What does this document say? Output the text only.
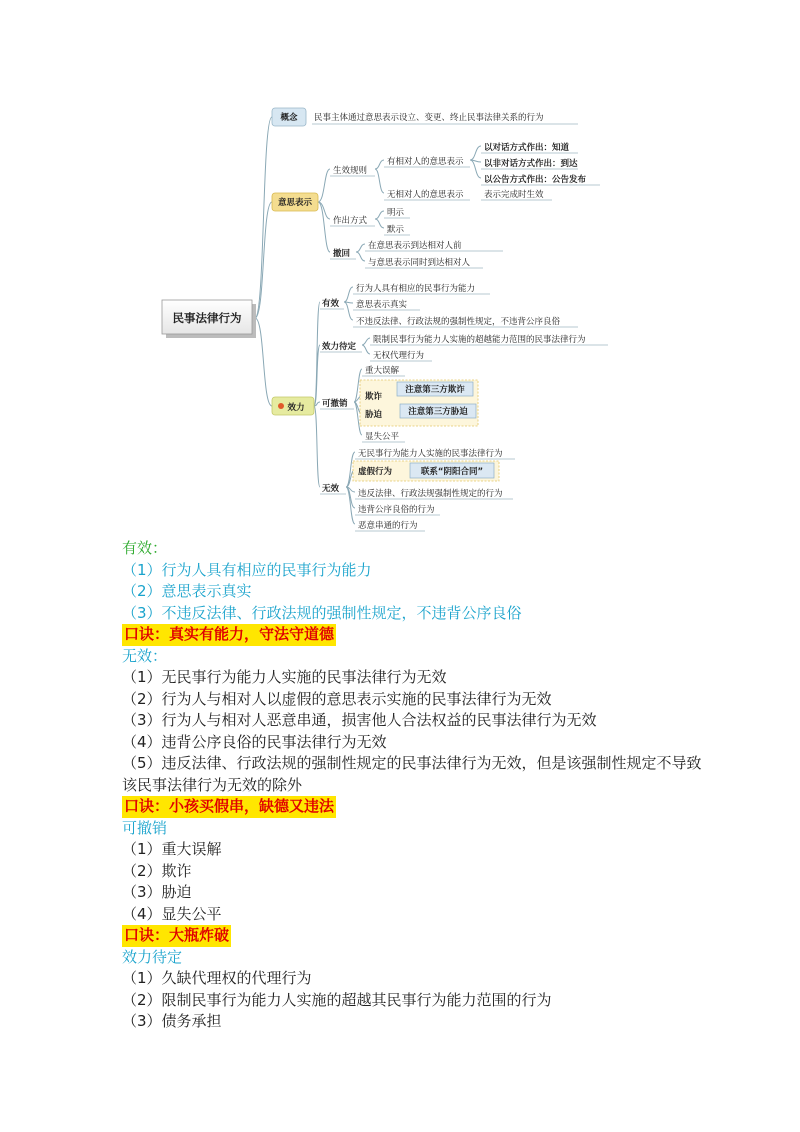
民事法律行为
概念 民事主体通过意思表示设立、变更、终止民事法律关系的行为
意思表示
效力
生效规则
有相对人的意思表示
以对话方式作出：知道
以非对话方式作出：到达
以公告方式作出：公告发布
无相对人的意思表示 表示完成时生效
作出方式
明示
默示
撤回
在意思表示到达相对人前
与意思表示同时到达相对人
有效
行为人具有相应的民事行为能力
意思表示真实
不违反法律、行政法规的强制性规定，不违背公序良俗
效力待定
限制民事行为能力人实施的超越能力范围的民事法律行为
无权代理行为
可撤销
重大误解
欺诈
胁迫
注意第三方欺诈
注意第三方胁迫
显失公平
无效
无民事行为能力人实施的民事法律行为
虚假行为	联系“阴阳合同”
违反法律、行政法规强制性规定的行为
违背公序良俗的行为
恶意串通的行为
有效：
（1）行为人具有相应的民事行为能力
（2）意思表示真实
（3）不违反法律、行政法规的强制性规定，不违背公序良俗
口诀：真实有能力，守法守道德
无效：
（1）无民事行为能力人实施的民事法律行为无效
（2）行为人与相对人以虚假的意思表示实施的民事法律行为无效
（3）行为人与相对人恶意串通，损害他人合法权益的民事法律行为无效
（4）违背公序良俗的民事法律行为无效
（5）违反法律、行政法规的强制性规定的民事法律行为无效，但是该强制性规定不导致该民事法律行为无效的除外
口诀：小孩买假串，缺德又违法
可撤销
（1）重大误解
（2）欺诈
（3）胁迫
（4）显失公平
口诀：大瓶炸破
效力待定
（1）久缺代理权的代理行为
（2）限制民事行为能力人实施的超越其民事行为能力范围的行为
（3）债务承担
